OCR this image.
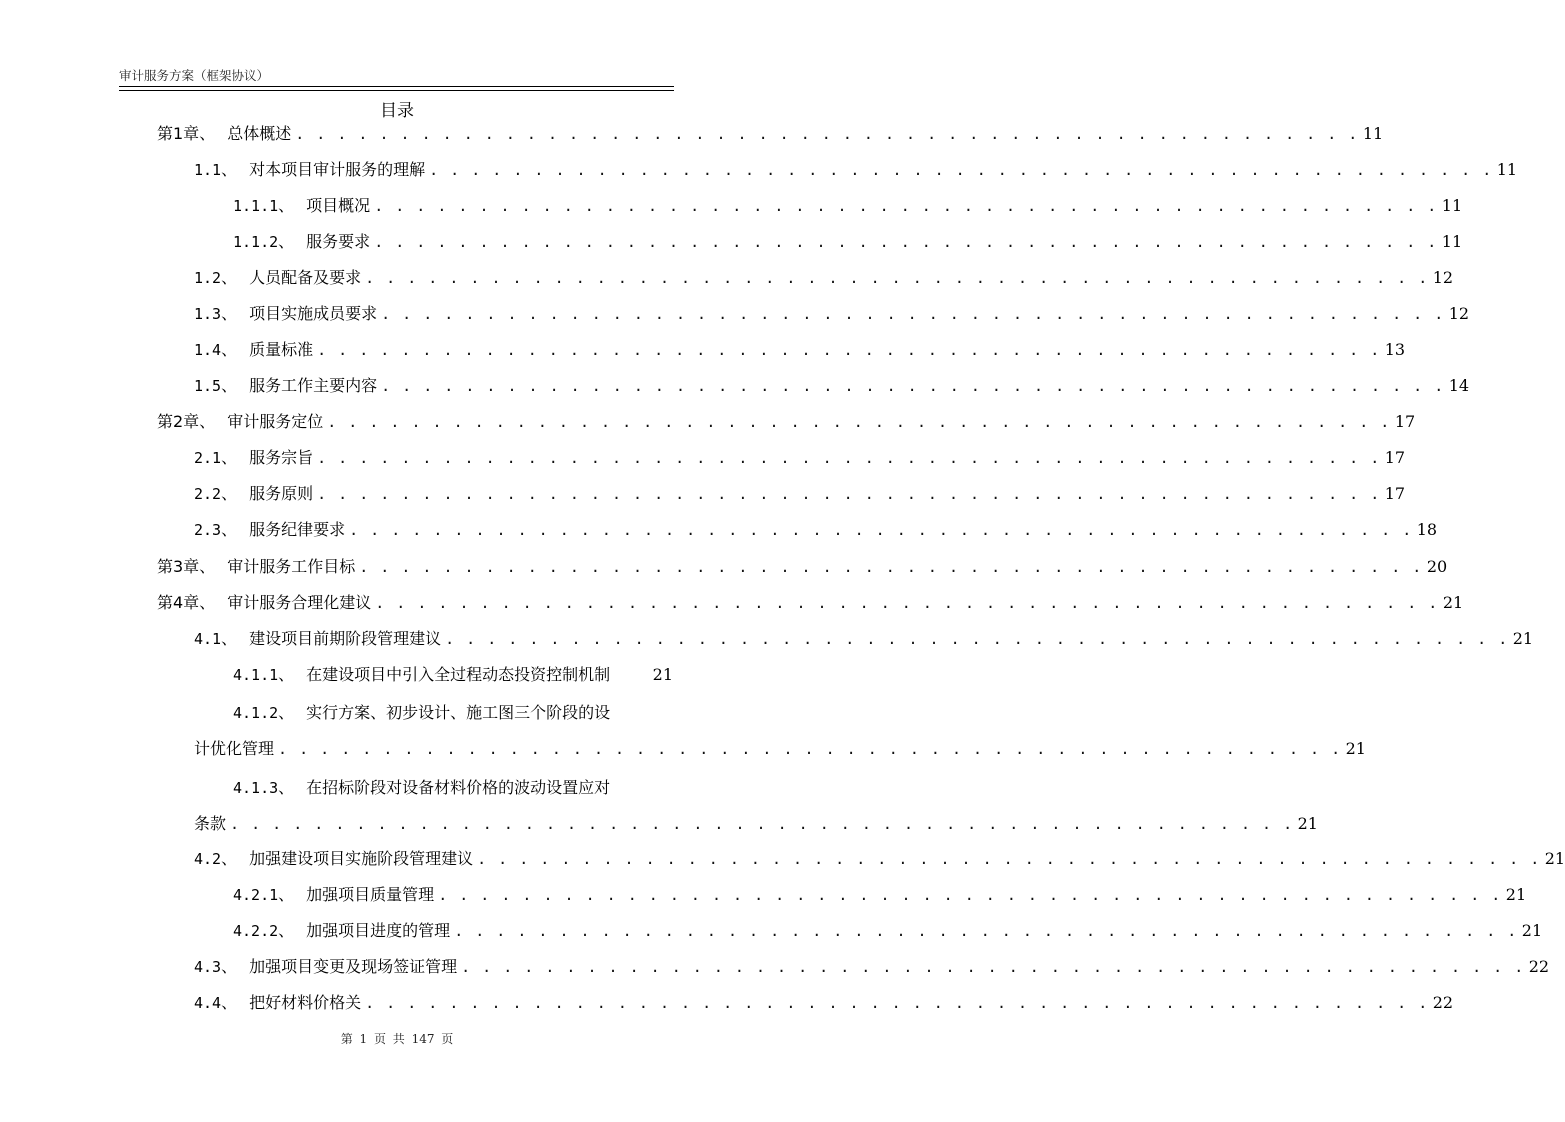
审计服务方案（框架协议）
目录
第1章 、 总体概述 . . . . . . . . . . . . . . . . . . . . . . . . . . . . . . . . . . . . . . . . . . . . . . . . . . . 11
1.1 、 对本项目审计服务的理解 . . . . . . . . . . . . . . . . . . . . . . . . . . . . . . . . . . . . . . . . . . . . . . . . . . . 11
1.1.1 、 项目概况 . . . . . . . . . . . . . . . . . . . . . . . . . . . . . . . . . . . . . . . . . . . . . . . . . . . 11
1.1.2 、 服务要求 . . . . . . . . . . . . . . . . . . . . . . . . . . . . . . . . . . . . . . . . . . . . . . . . . . . 11
1.2 、 人员配备及要求 . . . . . . . . . . . . . . . . . . . . . . . . . . . . . . . . . . . . . . . . . . . . . . . . . . . 12
1.3 、 项目实施成员要求 . . . . . . . . . . . . . . . . . . . . . . . . . . . . . . . . . . . . . . . . . . . . . . . . . . . 12
1.4 、 质量标准 . . . . . . . . . . . . . . . . . . . . . . . . . . . . . . . . . . . . . . . . . . . . . . . . . . . 13
1.5 、 服务工作主要内容 . . . . . . . . . . . . . . . . . . . . . . . . . . . . . . . . . . . . . . . . . . . . . . . . . . . 14
第2章 、 审计服务定位 . . . . . . . . . . . . . . . . . . . . . . . . . . . . . . . . . . . . . . . . . . . . . . . . . . . 17
2.1 、 服务宗旨 . . . . . . . . . . . . . . . . . . . . . . . . . . . . . . . . . . . . . . . . . . . . . . . . . . . 17
2.2 、 服务原则 . . . . . . . . . . . . . . . . . . . . . . . . . . . . . . . . . . . . . . . . . . . . . . . . . . . 17
2.3 、 服务纪律要求 . . . . . . . . . . . . . . . . . . . . . . . . . . . . . . . . . . . . . . . . . . . . . . . . . . . 18
第3章 、 审计服务工作目标 . . . . . . . . . . . . . . . . . . . . . . . . . . . . . . . . . . . . . . . . . . . . . . . . . . . 20
第4章 、 审计服务合理化建议 . . . . . . . . . . . . . . . . . . . . . . . . . . . . . . . . . . . . . . . . . . . . . . . . . . . 21
4.1 、 建设项目前期阶段管理建议 . . . . . . . . . . . . . . . . . . . . . . . . . . . . . . . . . . . . . . . . . . . . . . . . . . . 21
4.1.1 、 在建设项目中引入全过程动态投资控制机制	21
4.1.2 、 实行方案、初步设计、施工图三个阶段的设
计优化管理 . . . . . . . . . . . . . . . . . . . . . . . . . . . . . . . . . . . . . . . . . . . . . . . . . . . 21
4.1.3 、 在招标阶段对设备材料价格的波动设置应对
条款 . . . . . . . . . . . . . . . . . . . . . . . . . . . . . . . . . . . . . . . . . . . . . . . . . . . 21
4.2 、 加强建设项目实施阶段管理建议 . . . . . . . . . . . . . . . . . . . . . . . . . . . . . . . . . . . . . . . . . . . . . . . . . . . 21
4.2.1 、 加强项目质量管理 . . . . . . . . . . . . . . . . . . . . . . . . . . . . . . . . . . . . . . . . . . . . . . . . . . . 21
4.2.2 、 加强项目进度的管理 . . . . . . . . . . . . . . . . . . . . . . . . . . . . . . . . . . . . . . . . . . . . . . . . . . . 21
4.3 、 加强项目变更及现场签证管理 . . . . . . . . . . . . . . . . . . . . . . . . . . . . . . . . . . . . . . . . . . . . . . . . . . . 22
4.4 、 把好材料价格关 . . . . . . . . . . . . . . . . . . . . . . . . . . . . . . . . . . . . . . . . . . . . . . . . . . . 22
第 1 页 共 147 页
